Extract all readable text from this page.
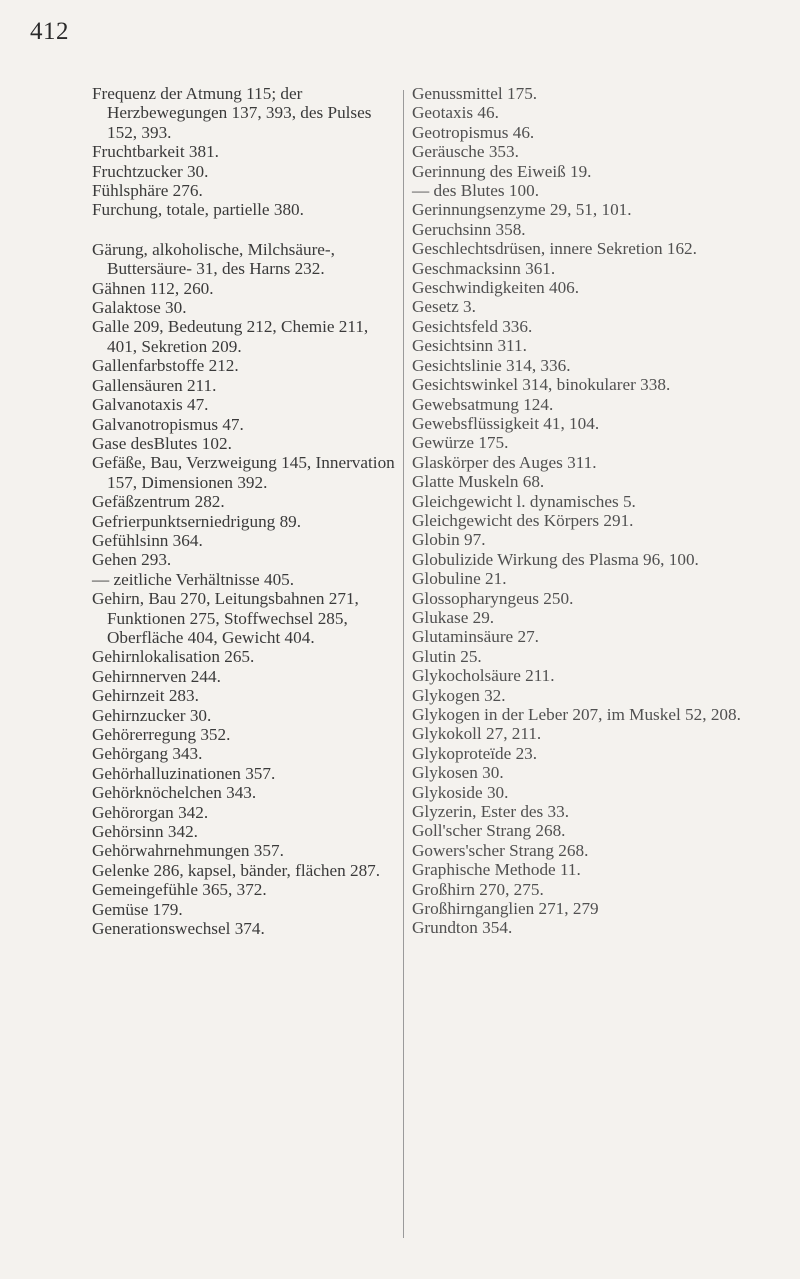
412

Frequenz der Atmung 115; der Herzbewegungen 137, 393, des Pulses 152, 393.

Fruchtbarkeit 381.

Fruchtzucker 30.

Fühlsphäre 276.

Furchung, totale, partielle 380.

Gärung, alkoholische, Milchsäure-, Buttersäure- 31, des Harns 232.

Gähnen 112, 260.

Galaktose 30.

Galle 209, Bedeutung 212, Chemie 211, 401, Sekretion 209.

Gallenfarbstoffe 212.

Gallensäuren 211.

Galvanotaxis 47.

Galvanotropismus 47.

Gase desBlutes 102.

Gefäße, Bau, Verzweigung 145, Innervation 157, Dimensionen 392.

Gefäßzentrum 282.

Gefrierpunktserniedrigung 89.

Gefühlsinn 364.

Gehen 293.

— zeitliche Verhältnisse 405.

Gehirn, Bau 270, Leitungsbahnen 271, Funktionen 275, Stoffwechsel 285, Oberfläche 404, Gewicht 404.

Gehirnlokalisation 265.

Gehirnnerven 244.

Gehirnzeit 283.

Gehirnzucker 30.

Gehörerregung 352.

Gehörgang 343.

Gehörhalluzinationen 357.

Gehörknöchelchen 343.

Gehörorgan 342.

Gehörsinn 342.

Gehörwahrnehmungen 357.

Gelenke 286, kapsel, bänder, flächen 287.

Gemeingefühle 365, 372.

Gemüse 179.

Generationswechsel 374.

Genussmittel 175.

Geotaxis 46.

Geotropismus 46.

Geräusche 353.

Gerinnung des Eiweiß 19.

— des Blutes 100.

Gerinnungsenzyme 29, 51, 101.

Geruchsinn 358.

Geschlechtsdrüsen, innere Sekretion 162.

Geschmacksinn 361.

Geschwindigkeiten 406.

Gesetz 3.

Gesichtsfeld 336.

Gesichtsinn 311.

Gesichtslinie 314, 336.

Gesichtswinkel 314, binokularer 338.

Gewebsatmung 124.

Gewebsflüssigkeit 41, 104.

Gewürze 175.

Glaskörper des Auges 311.

Glatte Muskeln 68.

Gleichgewicht l. dynamisches 5.

Gleichgewicht des Körpers 291.

Globin 97.

Globulizide Wirkung des Plasma 96, 100.

Globuline 21.

Glossopharyngeus 250.

Glukase 29.

Glutaminsäure 27.

Glutin 25.

Glykocholsäure 211.

Glykogen 32.

Glykogen in der Leber 207, im Muskel 52, 208.

Glykokoll 27, 211.

Glykoproteïde 23.

Glykosen 30.

Glykoside 30.

Glyzerin, Ester des 33.

Goll'scher Strang 268.

Gowers'scher Strang 268.

Graphische Methode 11.

Großhirn 270, 275.

Großhirnganglien 271, 279

Grundton 354.
